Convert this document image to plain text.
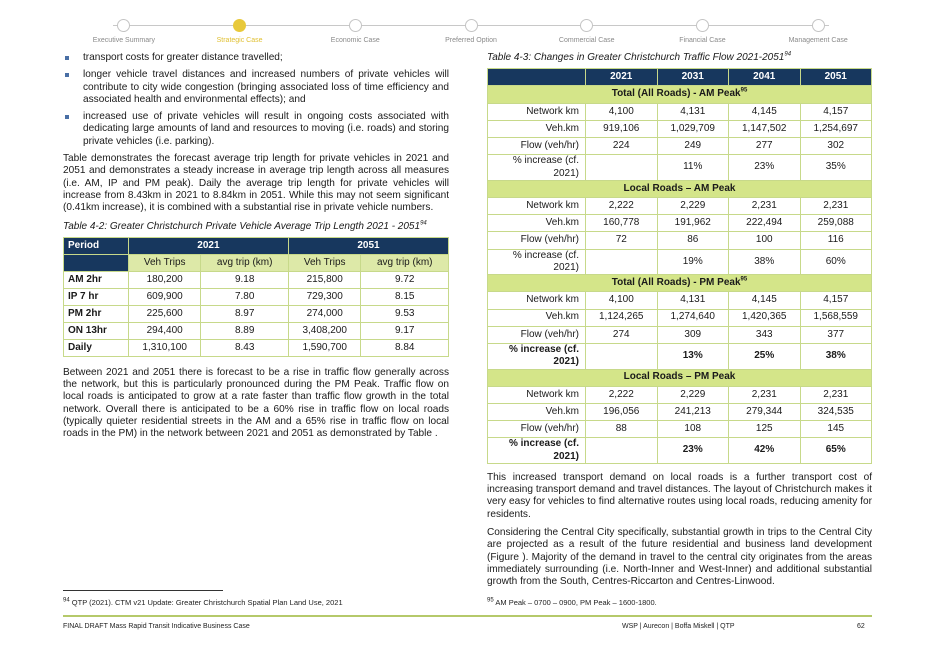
Executive Summary	Strategic Case	Economic Case	Preferred Option	Commercial Case	Financial Case	Management Case
transport costs for greater distance travelled;
longer vehicle travel distances and increased numbers of private vehicles will contribute to city wide congestion (bringing associated loss of time efficiency and associated health and environmental effects); and
increased use of private vehicles will result in ongoing costs associated with dedicating large amounts of land and resources to moving (i.e. roads) and storing private vehicles (i.e. parking).

Table demonstrates the forecast average trip length for private vehicles in 2021 and 2051 and demonstrates a steady increase in average trip length across all measures (i.e. AM, IP and PM peak). Daily the average trip length for private vehicles will increase from 8.43km in 2021 to 8.84km in 2051. While this may not seem significant (0.41km increase), it is combined with a substantial rise in private vehicle numbers.

Table 4-2: Greater Christchurch Private Vehicle Average Trip Length 2021 - 2051$^{94}$
Period	2021		2051	
	Veh Trips	avg trip (km)	Veh Trips	avg trip (km)
AM 2hr	180,200	9.18	215,800	9.72
IP 7 hr	609,900	7.80	729,300	8.15
PM 2hr	225,600	8.97	274,000	9.53
ON 13hr	294,400	8.89	3,408,200	9.17
Daily	1,310,100	8.43	1,590,700	8.84

Between 2021 and 2051 there is forecast to be a rise in traffic flow generally across the network, but this is particularly pronounced during the PM Peak. Traffic flow on local roads is anticipated to grow at a rate faster than traffic flow growth in the total network. Overall there is anticipated to be a 60% rise in traffic flow on local roads (typically quieter residential streets in the AM and a 65% rise in traffic flow on local roads in the PM) in the network between 2021 and 2051 as demonstrated by Table .

Table 4-3: Changes in Greater Christchurch Traffic Flow 2021-2051$^{94}$
	2021	2031	2041	2051
Total (All Roads) - AM Peak$^{95}$
Network km	4,100	4,131	4,145	4,157
Veh.km	919,106	1,029,709	1,147,502	1,254,697
Flow (veh/hr)	224	249	277	302
% increase (cf. 2021)		11%	23%	35%
Local Roads – AM Peak				
Network km	2,222	2,229	2,231	2,231
Veh.km	160,778	191,962	222,494	259,088
Flow (veh/hr)	72	86	100	116
% increase (cf. 2021)		19%	38%	60%
Total (All Roads) - PM Peak$^{95}$
Network km	4,100	4,131	4,145	4,157
Veh.km	1,124,265	1,274,640	1,420,365	1,568,559
Flow (veh/hr)	274	309	343	377
% increase (cf. 2021)		13%	25%	38%
Local Roads – PM Peak				
Network km	2,222	2,229	2,231	2,231
Veh.km	196,056	241,213	279,344	324,535
Flow (veh/hr)	88	108	125	145
% increase (cf. 2021)		23%	42%	65%

This increased transport demand on local roads is a further transport cost of increasing transport demand and travel distances. The layout of Christchurch makes it very easy for vehicles to find alternative routes using local roads, reducing amenity for residents.

Considering the Central City specifically, substantial growth in trips to the Central City are projected as a result of the future residential and business land development (Figure ). Majority of the demand in travel to the central city originates from the areas immediately surrounding (i.e. North-Inner and West-Inner) and additional substantial growth from the South, Centres-Riccarton and Centres-Linwood.

$^{94}$ QTP (2021). CTM v21 Update: Greater Christchurch Spatial Plan Land Use, 2021	$^{95}$ AM Peak – 0700 – 0900, PM Peak – 1600-1800.
FINAL DRAFT Mass Rapid Transit Indicative Business Case	WSP | Aurecon | Boffa Miskell | QTP	62
